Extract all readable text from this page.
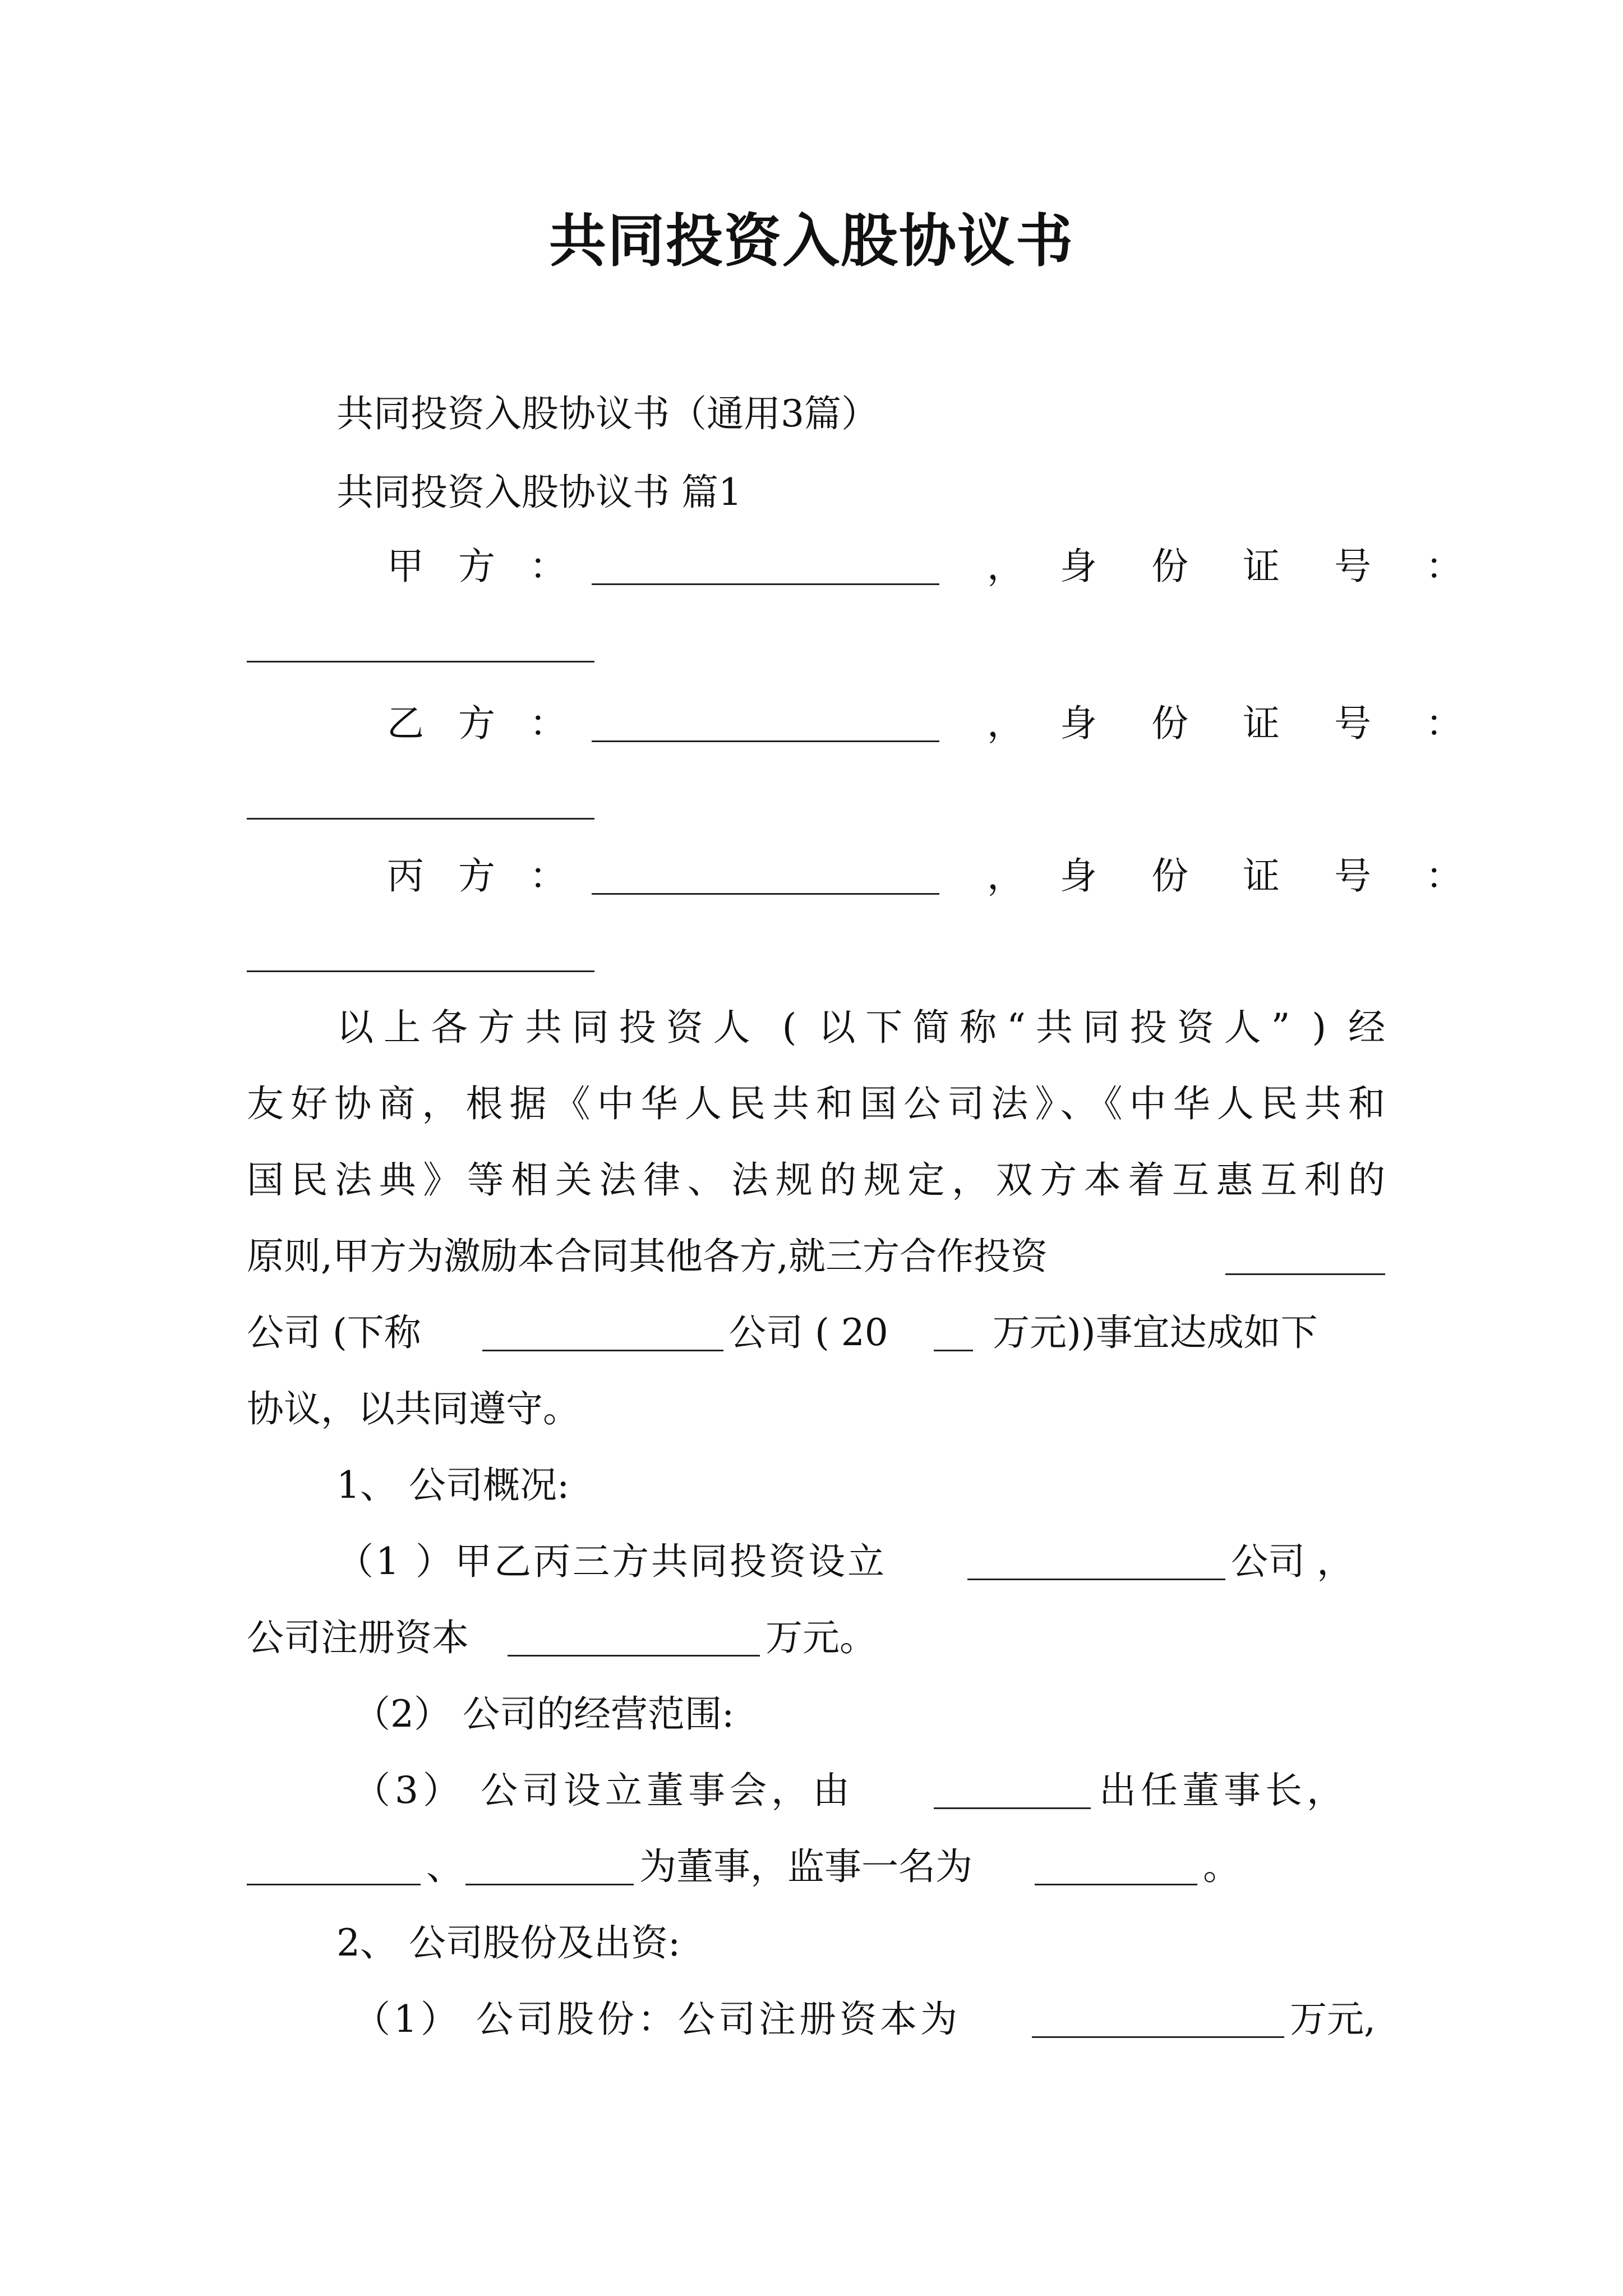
共同投资入股协议书
共同投资入股协议书（通用3篇）
共同投资入股协议书 篇1
甲 方 ：	， 身 份 证 号 ：
乙 方 ：	， 身 份 证 号 ：
丙 方 ：	， 身 份 证 号 ：
以上各方共同投资人 ( 以下简称“共同投资人” ) 经
友好协商，根据《中华人民共和国公司法》、《中华人民共和
国民法典》等相关法律、法规的规定，双方本着互惠互利的
原则,甲方为激励本合同其他各方,就三方合作投资
公司 (下称	公司 ( 20	万元))事宜达成如下
协议，以共同遵守。
1、 公司概况:
（1 ）甲乙丙三方共同投资设立	公司 ，
公司注册资本	万元。
（2） 公司的经营范围:
（3） 公司设立董事会，由	出任董事长，
、	为董事，监事一名为	。
2、 公司股份及出资:
（1） 公司股份：公司注册资本为	万元,
